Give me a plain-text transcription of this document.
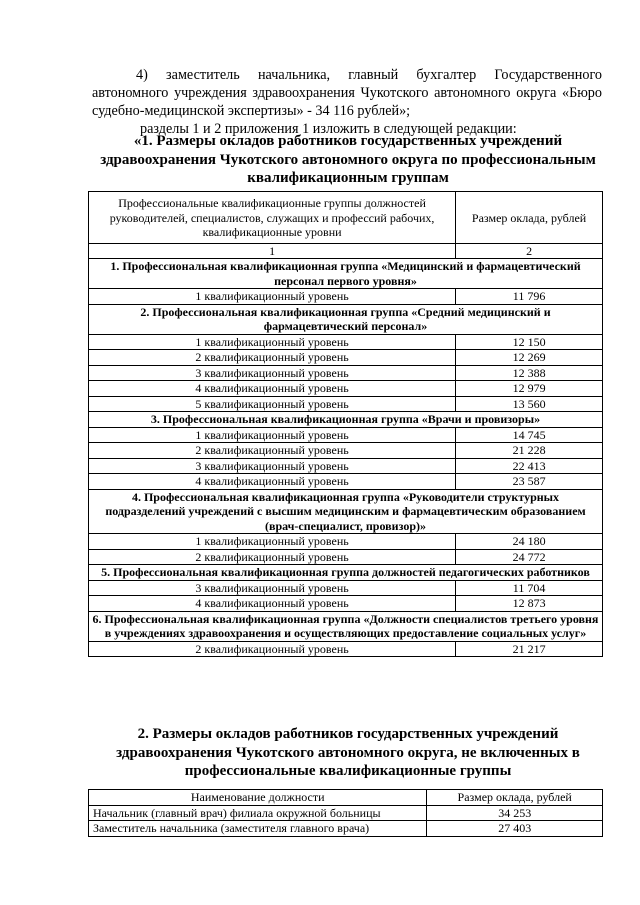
4) заместитель начальника, главный бухгалтер Государственного автономного учреждения здравоохранения Чукотского автономного округа «Бюро судебно-медицинской экспертизы» - 34 116 рублей»;
разделы 1 и 2 приложения 1 изложить в следующей редакции:
«1. Размеры окладов работников государственных учреждений здравоохранения Чукотского автономного округа по профессиональным квалификационным группам
Профессиональные квалификационные группы должностей руководителей, специалистов, служащих и профессий рабочих, квалификационные уровни	Размер оклада, рублей
1	2
1. Профессиональная квалификационная группа «Медицинский и фармацевтический персонал первого уровня»	
1 квалификационный уровень	11 796
2. Профессиональная квалификационная группа «Средний медицинский и фармацевтический персонал»	
1 квалификационный уровень	12 150
2 квалификационный уровень	12 269
3 квалификационный уровень	12 388
4 квалификационный уровень	12 979
5 квалификационный уровень	13 560
3. Профессиональная квалификационная группа «Врачи и провизоры»	
1 квалификационный уровень	14 745
2 квалификационный уровень	21 228
3 квалификационный уровень	22 413
4 квалификационный уровень	23 587
4. Профессиональная квалификационная группа «Руководители структурных подразделений учреждений с высшим медицинским и фармацевтическим образованием (врач-специалист, провизор)»	
1 квалификационный уровень	24 180
2 квалификационный уровень	24 772
5. Профессиональная квалификационная группа должностей педагогических работников	
3 квалификационный уровень	11 704
4 квалификационный уровень	12 873
6. Профессиональная квалификационная группа «Должности специалистов третьего уровня в учреждениях здравоохранения и осуществляющих предоставление социальных услуг»	
2 квалификационный уровень	21 217
2. Размеры окладов работников государственных учреждений здравоохранения Чукотского автономного округа, не включенных в профессиональные квалификационные группы
Наименование должности	Размер оклада, рублей
Начальник (главный врач) филиала окружной больницы	34 253
Заместитель начальника (заместителя главного врача)	27 403
